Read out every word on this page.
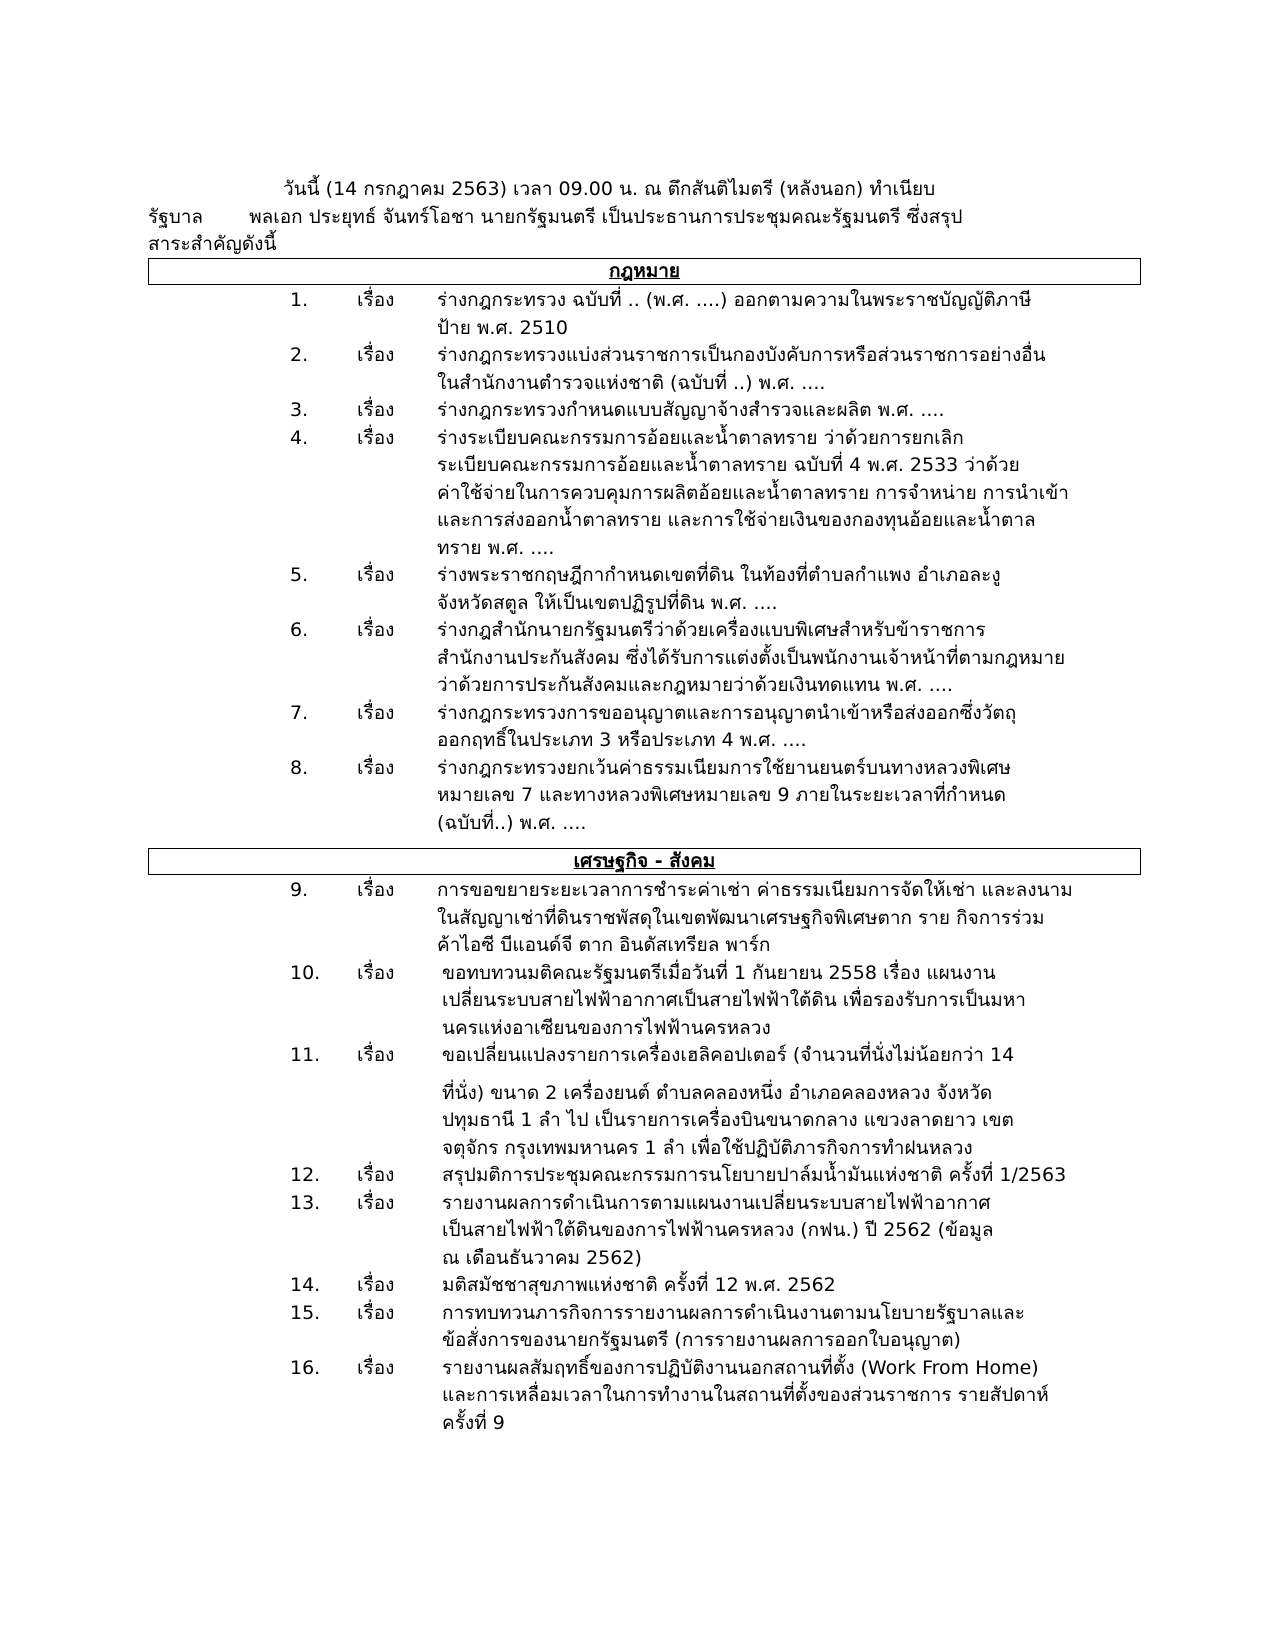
วันนี้ (14 กรกฎาคม 2563) เวลา 09.00 น. ณ ตึกสันติไมตรี (หลังนอก) ทำเนียบ
รัฐบาล พลเอก ประยุทธ์ จันทร์โอชา นายกรัฐมนตรี เป็นประธานการประชุมคณะรัฐมนตรี ซึ่งสรุป
สาระสำคัญดังนี้
กฎหมาย
1.	เรื่อง ร่างกฎกระทรวง ฉบับที่ .. (พ.ศ. ....) ออกตามความในพระราชบัญญัติภาษี
ป้าย พ.ศ. 2510
2.	เรื่อง ร่างกฎกระทรวงแบ่งส่วนราชการเป็นกองบังคับการหรือส่วนราชการอย่างอื่น
ในสำนักงานตำรวจแห่งชาติ (ฉบับที่ ..) พ.ศ. ....
3.	เรื่อง ร่างกฎกระทรวงกำหนดแบบสัญญาจ้างสำรวจและผลิต พ.ศ. ....
4.	เรื่อง ร่างระเบียบคณะกรรมการอ้อยและน้ำตาลทราย ว่าด้วยการยกเลิก
ระเบียบคณะกรรมการอ้อยและน้ำตาลทราย ฉบับที่ 4 พ.ศ. 2533 ว่าด้วย
ค่าใช้จ่ายในการควบคุมการผลิตอ้อยและน้ำตาลทราย การจำหน่าย การนำเข้า
และการส่งออกน้ำตาลทราย และการใช้จ่ายเงินของกองทุนอ้อยและน้ำตาล
ทราย พ.ศ. ....
5.	เรื่อง ร่างพระราชกฤษฎีกากำหนดเขตที่ดิน ในท้องที่ตำบลกำแพง อำเภอละงู
จังหวัดสตูล ให้เป็นเขตปฏิรูปที่ดิน พ.ศ. ....
6.	เรื่อง ร่างกฎสำนักนายกรัฐมนตรีว่าด้วยเครื่องแบบพิเศษสำหรับข้าราชการ
สำนักงานประกันสังคม ซึ่งได้รับการแต่งตั้งเป็นพนักงานเจ้าหน้าที่ตามกฎหมาย
ว่าด้วยการประกันสังคมและกฎหมายว่าด้วยเงินทดแทน พ.ศ. ....
7.	เรื่อง ร่างกฎกระทรวงการขออนุญาตและการอนุญาตนำเข้าหรือส่งออกซึ่งวัตถุ
ออกฤทธิ์ในประเภท 3 หรือประเภท 4 พ.ศ. ....
8.	เรื่อง ร่างกฎกระทรวงยกเว้นค่าธรรมเนียมการใช้ยานยนตร์บนทางหลวงพิเศษ
หมายเลข 7 และทางหลวงพิเศษหมายเลข 9 ภายในระยะเวลาที่กำหนด
(ฉบับที่..) พ.ศ. ....
เศรษฐกิจ - สังคม
9.	เรื่อง การขอขยายระยะเวลาการชำระค่าเช่า ค่าธรรมเนียมการจัดให้เช่า และลงนาม
ในสัญญาเช่าที่ดินราชพัสดุในเขตพัฒนาเศรษฐกิจพิเศษตาก ราย กิจการร่วม
ค้าไอซี บีแอนด์จี ตาก อินดัสเทรียล พาร์ก
10.	เรื่อง	ขอทบทวนมติคณะรัฐมนตรีเมื่อวันที่ 1 กันยายน 2558 เรื่อง แผนงาน
เปลี่ยนระบบสายไฟฟ้าอากาศเป็นสายไฟฟ้าใต้ดิน เพื่อรองรับการเป็นมหา
นครแห่งอาเซียนของการไฟฟ้านครหลวง
11.	เรื่อง	ขอเปลี่ยนแปลงรายการเครื่องเฮลิคอปเตอร์ (จำนวนที่นั่งไม่น้อยกว่า 14
ที่นั่ง) ขนาด 2 เครื่องยนต์ ตำบลคลองหนึ่ง อำเภอคลองหลวง จังหวัด
ปทุมธานี 1 ลำ ไป เป็นรายการเครื่องบินขนาดกลาง แขวงลาดยาว เขต
จตุจักร กรุงเทพมหานคร 1 ลำ เพื่อใช้ปฏิบัติภารกิจการทำฝนหลวง
12.	เรื่อง	สรุปมติการประชุมคณะกรรมการนโยบายปาล์มน้ำมันแห่งชาติ ครั้งที่ 1/2563
13.	เรื่อง	รายงานผลการดำเนินการตามแผนงานเปลี่ยนระบบสายไฟฟ้าอากาศ
เป็นสายไฟฟ้าใต้ดินของการไฟฟ้านครหลวง (กฟน.) ปี 2562 (ข้อมูล
ณ เดือนธันวาคม 2562)
14.	เรื่อง	มติสมัชชาสุขภาพแห่งชาติ ครั้งที่ 12 พ.ศ. 2562
15.	เรื่อง	การทบทวนภารกิจการรายงานผลการดำเนินงานตามนโยบายรัฐบาลและ
ข้อสั่งการของนายกรัฐมนตรี (การรายงานผลการออกใบอนุญาต)
16.	เรื่อง	รายงานผลสัมฤทธิ์ของการปฏิบัติงานนอกสถานที่ตั้ง (Work From Home)
และการเหลื่อมเวลาในการทำงานในสถานที่ตั้งของส่วนราชการ รายสัปดาห์
ครั้งที่ 9
